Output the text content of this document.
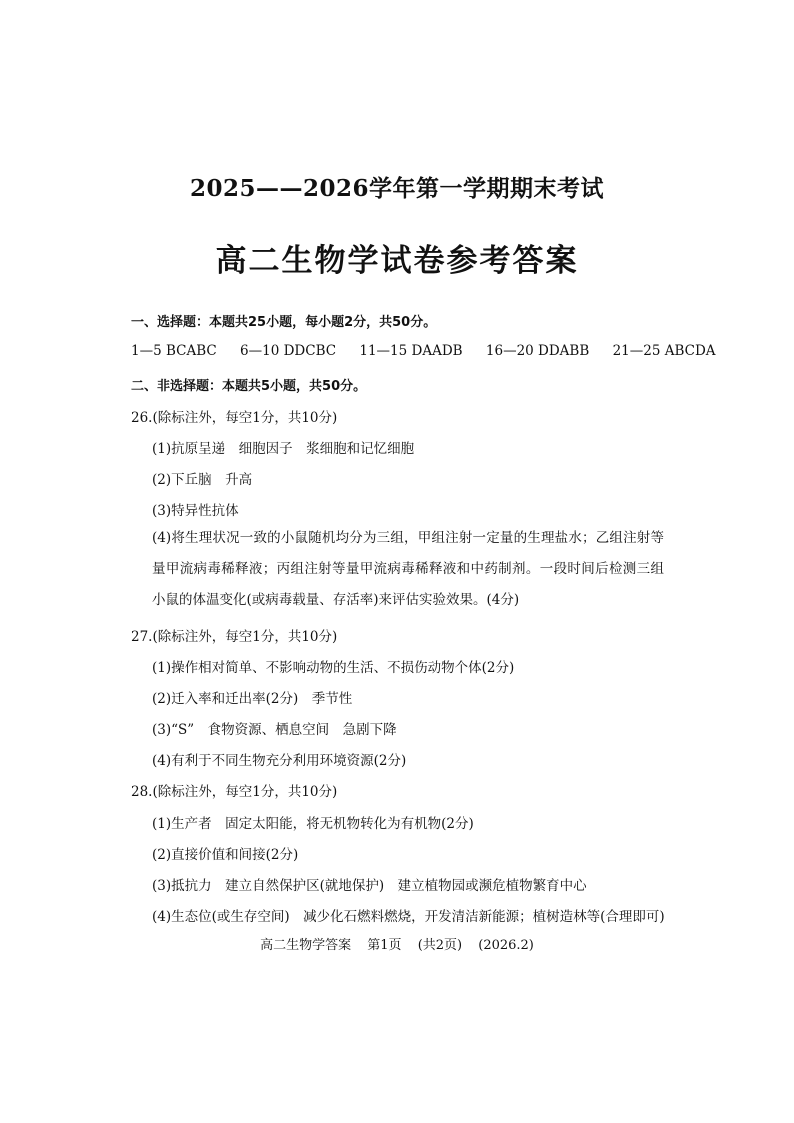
2025——2026学年第一学期期末考试
高二生物学试卷参考答案
一、选择题：本题共25小题，每小题2分，共50分。
1—5 BCABC 6—10 DDCBC 11—15 DAADB 16—20 DDABB 21—25 ABCDA
二、非选择题：本题共5小题，共50分。
26.(除标注外，每空1分，共10分)
(1)抗原呈递　细胞因子　浆细胞和记忆细胞
(2)下丘脑　升高
(3)特异性抗体
(4)将生理状况一致的小鼠随机均分为三组，甲组注射一定量的生理盐水；乙组注射等量甲流病毒稀释液；丙组注射等量甲流病毒稀释液和中药制剂。一段时间后检测三组小鼠的体温变化(或病毒载量、存活率)来评估实验效果。(4分)
27.(除标注外，每空1分，共10分)
(1)操作相对简单、不影响动物的生活、不损伤动物个体(2分)
(2)迁入率和迁出率(2分)　季节性
(3)“S”　食物资源、栖息空间　急剧下降
(4)有利于不同生物充分利用环境资源(2分)
28.(除标注外，每空1分，共10分)
(1)生产者　固定太阳能，将无机物转化为有机物(2分)
(2)直接价值和间接(2分)
(3)抵抗力　建立自然保护区(就地保护)　建立植物园或濒危植物繁育中心
(4)生态位(或生存空间)　减少化石燃料燃烧，开发清洁新能源；植树造林等(合理即可)
高二生物学答案 第1页 (共2页) (2026.2)
